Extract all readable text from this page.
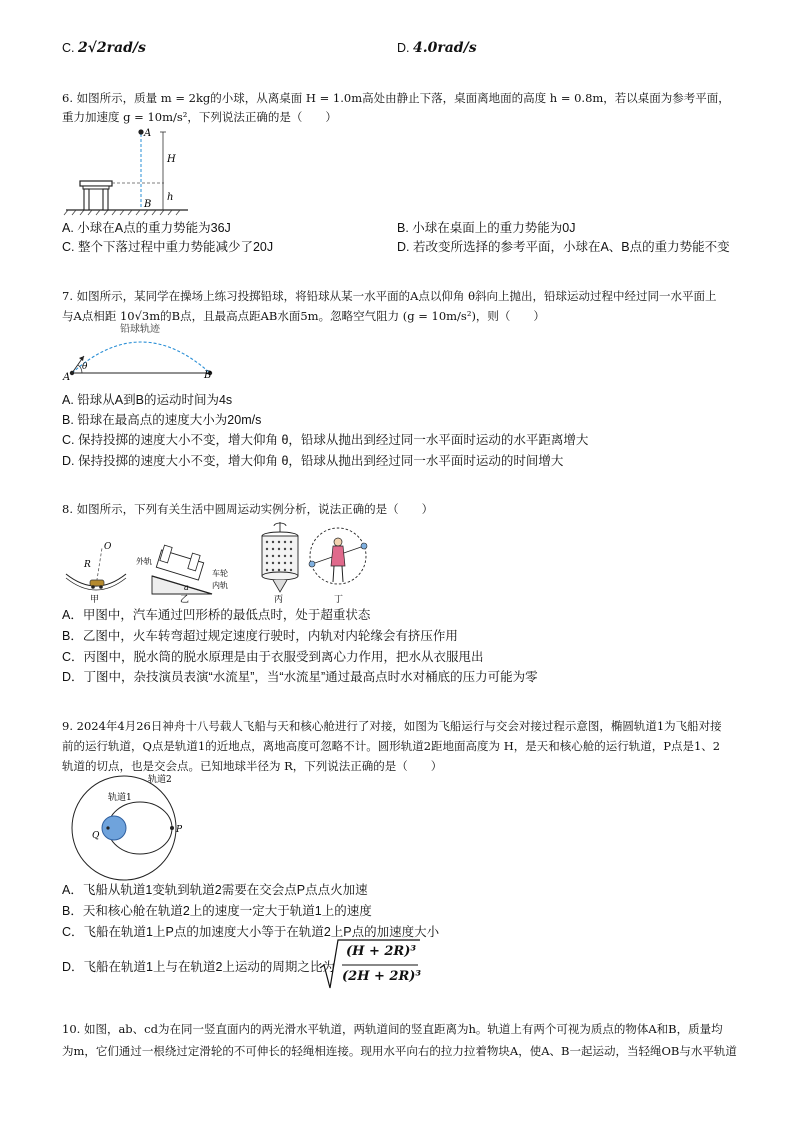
C. 2√2rad/s	D. 4.0rad/s
6. 如图所示，质量 m = 2kg的小球，从离桌面 H = 1.0m高处由静止下落，桌面离地面的高度 h = 0.8m，若以桌面为参考平面，
重力加速度 g = 10m/s²，下列说法正确的是（　　）
A
B
H
h
A. 小球在A点的重力势能为36J	B. 小球在桌面上的重力势能为0J
C. 整个下落过程中重力势能减少了20J	D. 若改变所选择的参考平面，小球在A、B点的重力势能不变
7. 如图所示，某同学在操场上练习投掷铅球，将铅球从某一水平面的A点以仰角 θ斜向上抛出，铅球运动过程中经过同一水平面上
与A点相距 10√3m的B点，且最高点距AB水面5m。忽略空气阻力 (g = 10m/s²)，则（　　）
θ
A	B
铅球轨迹
A. 铅球从A到B的运动时间为4s
B. 铅球在最高点的速度大小为20m/s
C. 保持投掷的速度大小不变，增大仰角 θ，铅球从抛出到经过同一水平面时运动的水平距离增大
D. 保持投掷的速度大小不变，增大仰角 θ，铅球从抛出到经过同一水平面时运动的时间增大
8. 如图所示，下列有关生活中圆周运动实例分析，说法正确的是（　　）
O
R
甲
外轨
车轮
内轨
a
乙	丙	丁
A．甲图中，汽车通过凹形桥的最低点时，处于超重状态
B．乙图中，火车转弯超过规定速度行驶时，内轨对内轮缘会有挤压作用
C．丙图中，脱水筒的脱水原理是由于衣服受到离心力作用，把水从衣服甩出
D．丁图中，杂技演员表演“水流星”，当“水流星”通过最高点时水对桶底的压力可能为零
9. 2024年4月26日神舟十八号载人飞船与天和核心舱进行了对接，如图为飞船运行与交会对接过程示意图，椭圆轨道1为飞船对接
前的运行轨道，Q点是轨道1的近地点，离地高度可忽略不计。圆形轨道2距地面高度为 H，是天和核心舱的运行轨道，P点是1、2
轨道的切点，也是交会点。已知地球半径为 R，下列说法正确的是（　　）
轨道2
轨道1
Q
P
A．飞船从轨道1变轨到轨道2需要在交会点P点点火加速
B．天和核心舱在轨道2上的速度一定大于轨道1上的速度
C．飞船在轨道1上P点的加速度大小等于在轨道2上P点的加速度大小
D．飞船在轨道1上与在轨道2上运动的周期之比为
(H + 2R)³
(2H + 2R)³
10. 如图，ab、cd为在同一竖直面内的两光滑水平轨道，两轨道间的竖直距离为h。轨道上有两个可视为质点的物体A和B，质量均
为m，它们通过一根绕过定滑轮的不可伸长的轻绳相连接。现用水平向右的拉力拉着物块A，使A、B一起运动，当轻绳OB与水平轨道
